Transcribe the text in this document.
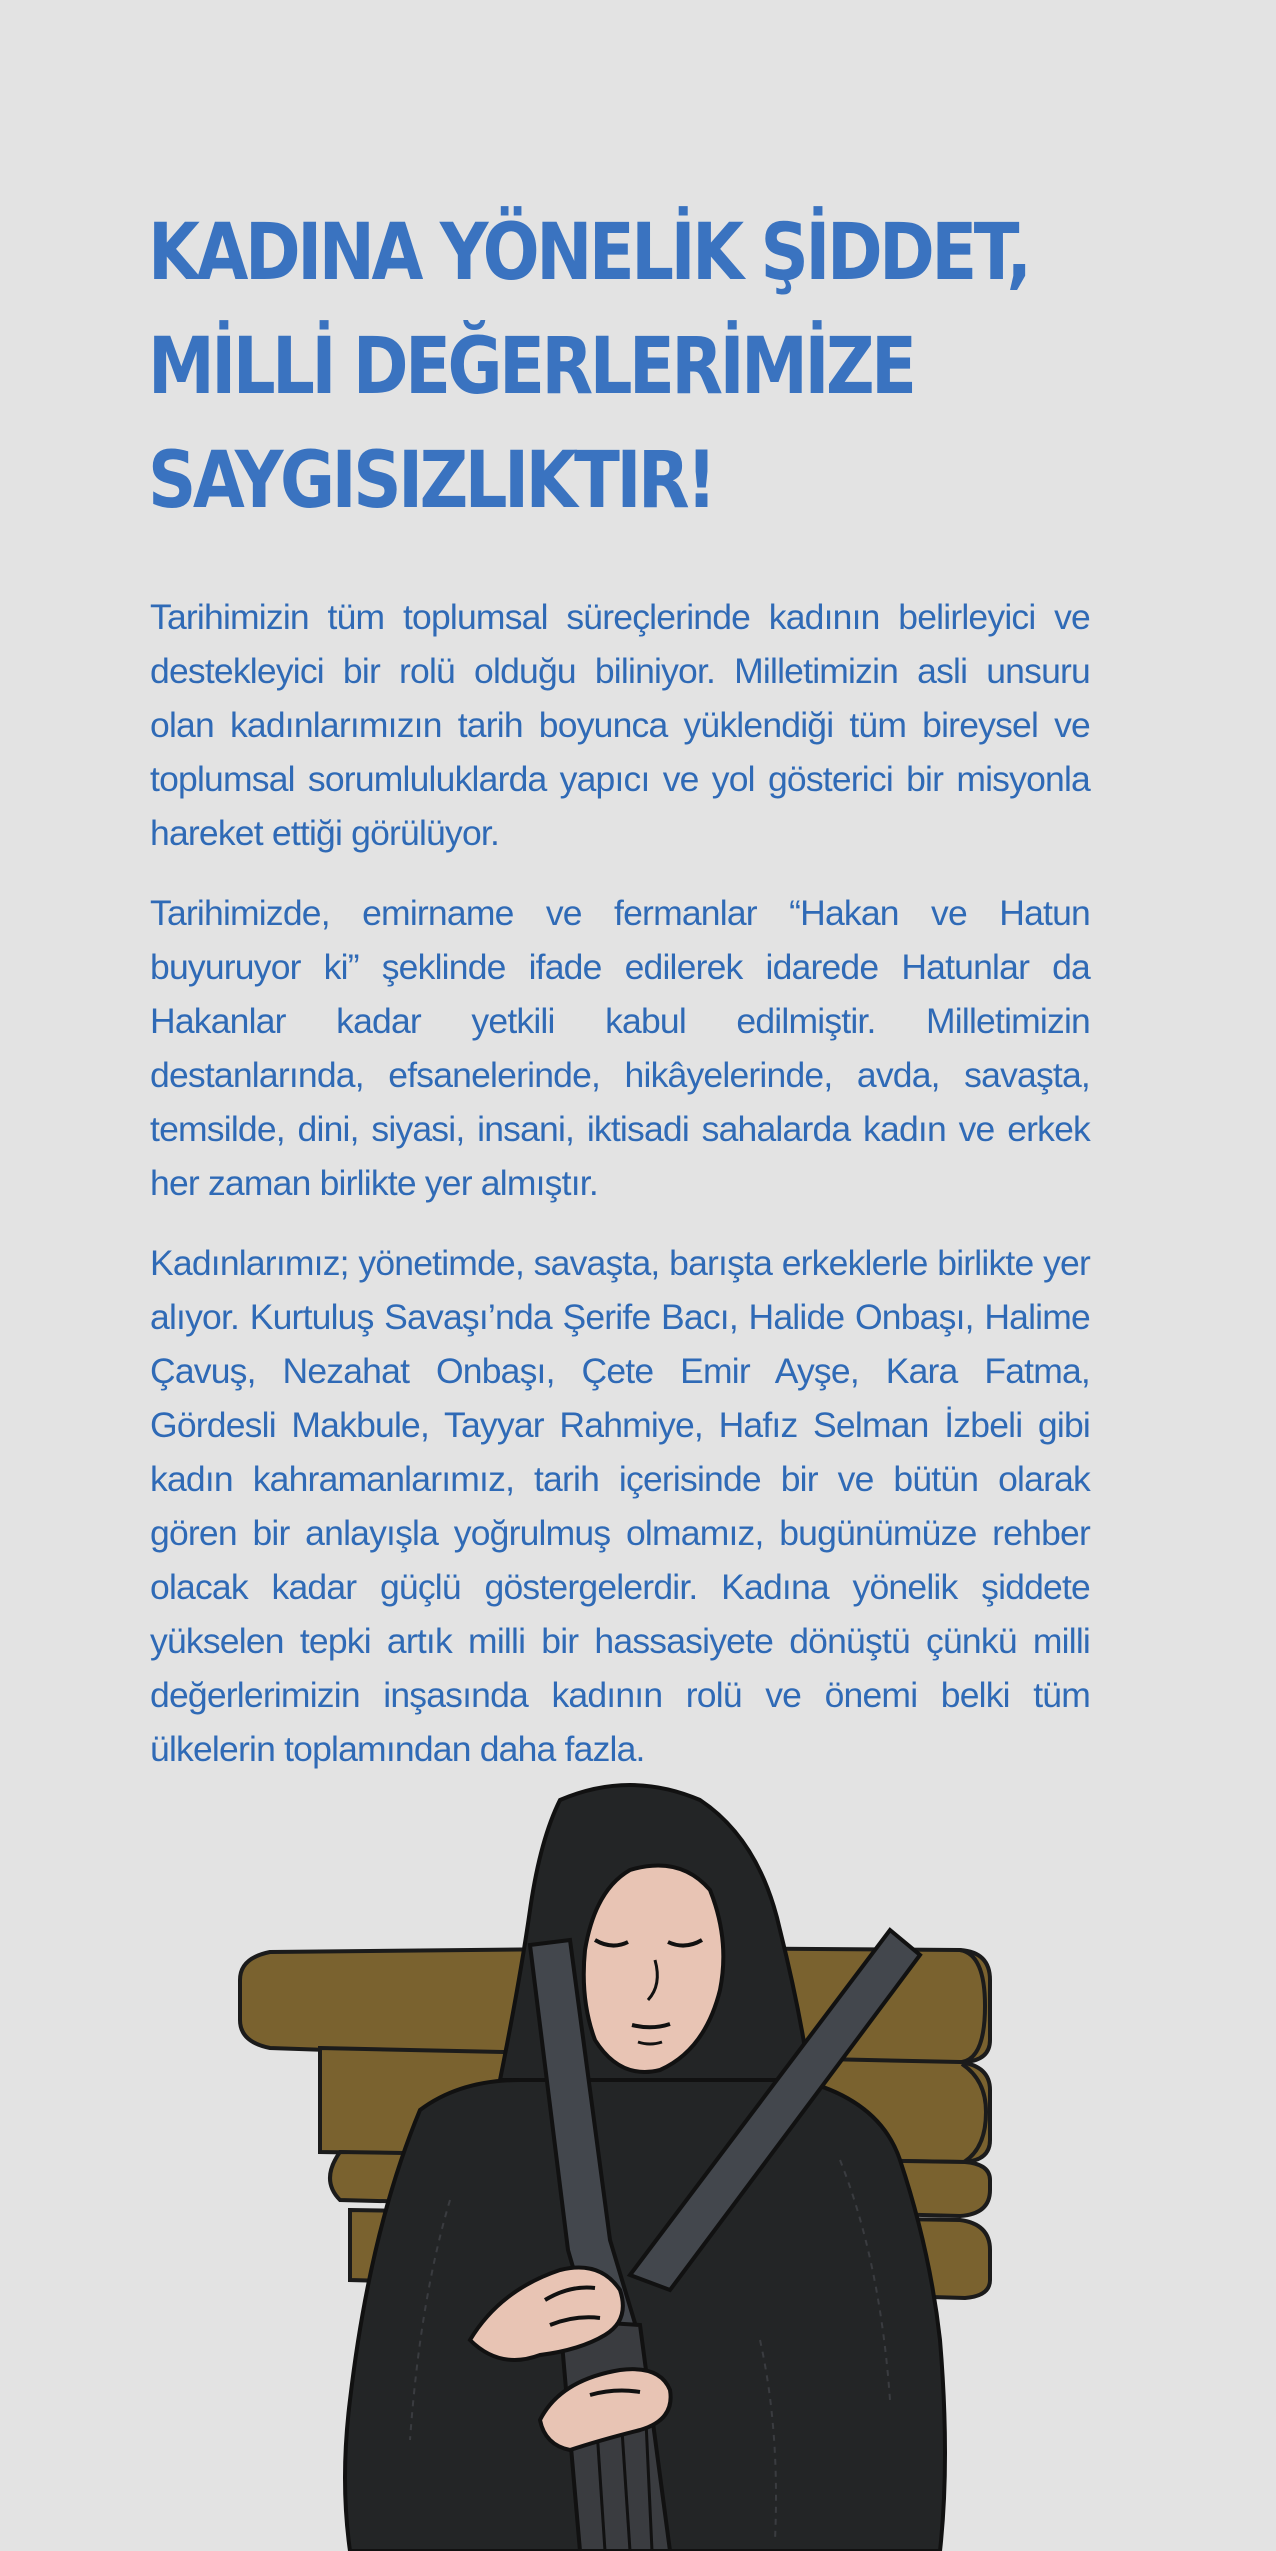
KADINA YÖNELİK ŞİDDET,
MİLLİ DEĞERLERİMİZE
SAYGISIZLIKTIR!

Tarihimizin tüm toplumsal süreçlerinde kadının belirleyici ve destekleyici bir rolü olduğu biliniyor. Milletimizin asli unsuru olan kadınlarımızın tarih boyunca yüklendiği tüm bireysel ve toplumsal sorumluluklarda yapıcı ve yol gösterici bir misyonla hareket ettiği görülüyor.

Tarihimizde, emirname ve fermanlar “Hakan ve Hatun buyuruyor ki” şeklinde ifade edilerek idarede Hatunlar da Hakanlar kadar yetkili kabul edilmiştir. Milletimizin destanlarında, efsanelerinde, hikâyelerinde, avda, savaşta, temsilde, dini, siyasi, insani, iktisadi sahalarda kadın ve erkek her zaman birlikte yer almıştır.

Kadınlarımız; yönetimde, savaşta, barışta erkeklerle birlikte yer alıyor. Kurtuluş Savaşı’nda Şerife Bacı, Halide Onbaşı, Halime Çavuş, Nezahat Onbaşı, Çete Emir Ayşe, Kara Fatma, Gördesli Makbule, Tayyar Rahmiye, Hafız Selman İzbeli gibi kadın kahramanlarımız, tarih içerisinde bir ve bütün olarak gören bir anlayışla yoğrulmuş olmamız, bugünümüze rehber olacak kadar güçlü göstergelerdir. Kadına yönelik şiddete yükselen tepki artık milli bir hassasiyete dönüştü çünkü milli değerlerimizin inşasında kadının rolü ve önemi belki tüm ülkelerin toplamından daha fazla.
